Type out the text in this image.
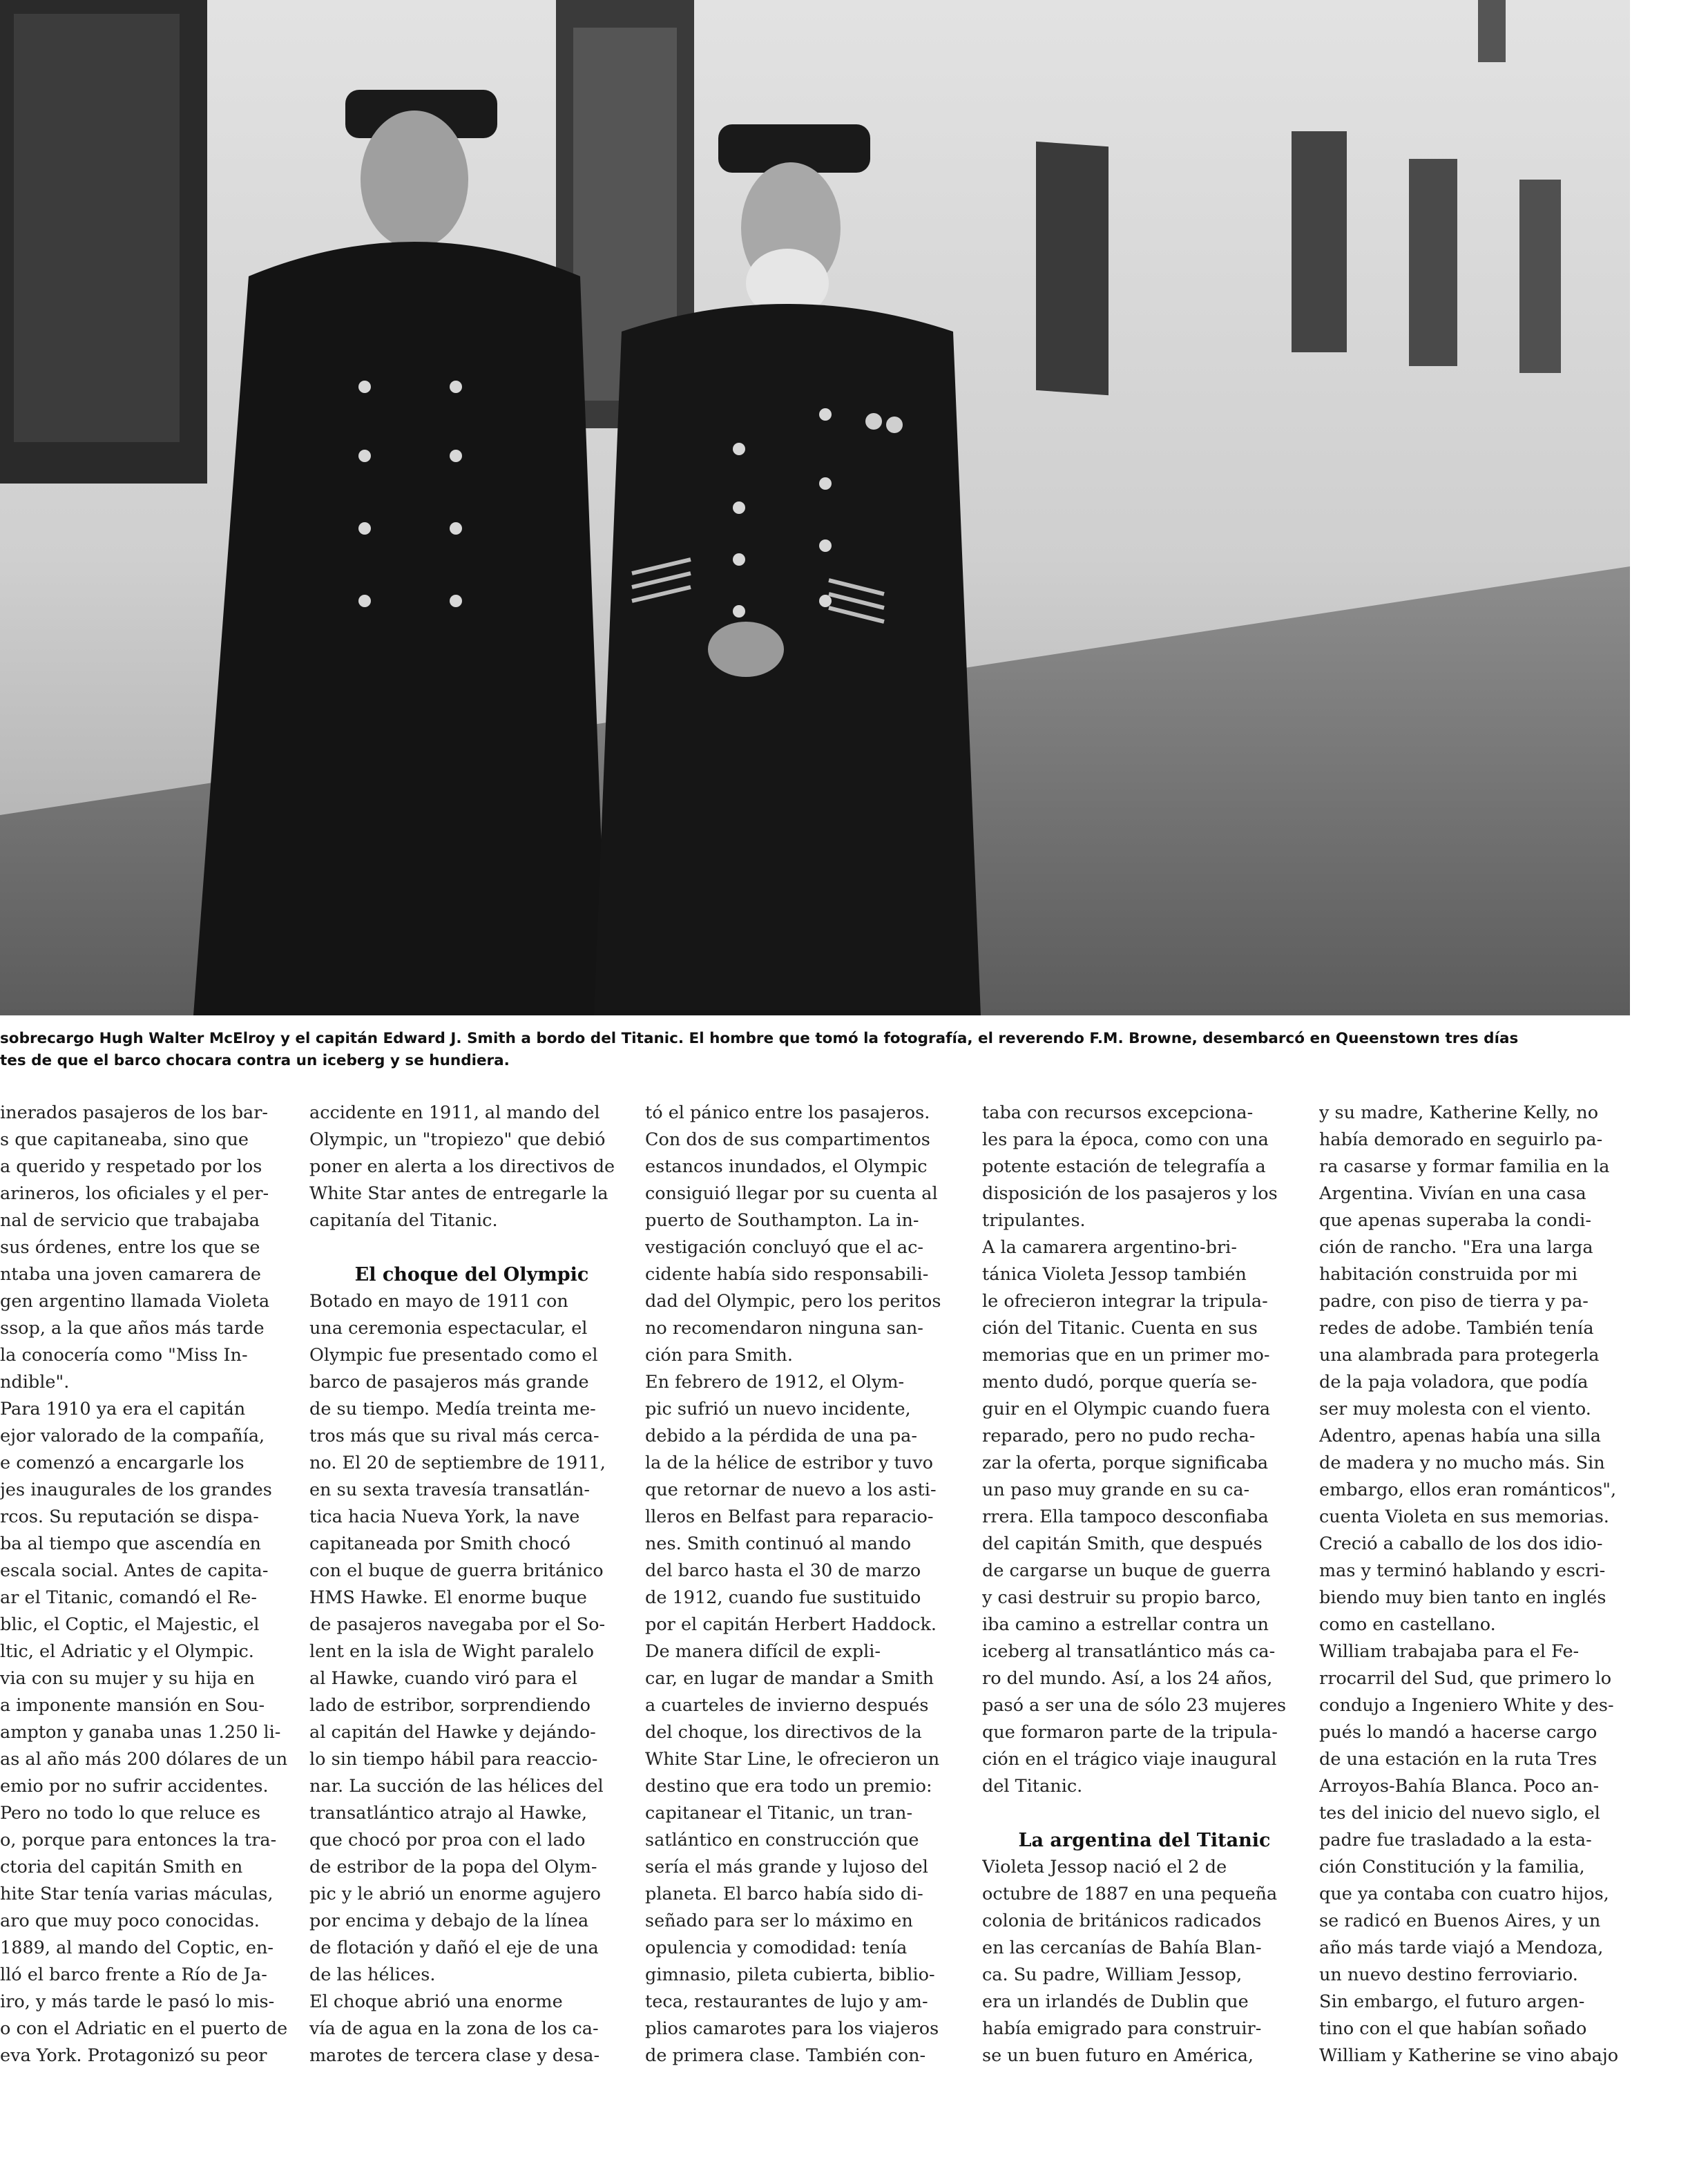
sobrecargo Hugh Walter McElroy y el capitán Edward J. Smith a bordo del Titanic. El hombre que tomó la fotografía, el reverendo F.M. Browne, desembarcó en Queenstown tres días
tes de que el barco chocara contra un iceberg y se hundiera.
inerados pasajeros de los bar-
s que capitaneaba, sino que
a querido y respetado por los
arineros, los oficiales y el per-
nal de servicio que trabajaba
sus órdenes, entre los que se
ntaba una joven camarera de
gen argentino llamada Violeta
ssop, a la que años más tarde
la conocería como "Miss In-
ndible".
Para 1910 ya era el capitán
ejor valorado de la compañía,
e comenzó a encargarle los
jes inaugurales de los grandes
rcos. Su reputación se dispa-
ba al tiempo que ascendía en
escala social. Antes de capita-
ar el Titanic, comandó el Re-
blic, el Coptic, el Majestic, el
ltic, el Adriatic y el Olympic.
via con su mujer y su hija en
a imponente mansión en Sou-
ampton y ganaba unas 1.250 li-
as al año más 200 dólares de un
emio por no sufrir accidentes.
Pero no todo lo que reluce es
o, porque para entonces la tra-
ctoria del capitán Smith en
hite Star tenía varias máculas,
aro que muy poco conocidas.
1889, al mando del Coptic, en-
lló el barco frente a Río de Ja-
iro, y más tarde le pasó lo mis-
o con el Adriatic en el puerto de
eva York. Protagonizó su peor
accidente en 1911, al mando del
Olympic, un "tropiezo" que debió
poner en alerta a los directivos de
White Star antes de entregarle la
capitanía del Titanic.
El choque del Olympic
Botado en mayo de 1911 con
una ceremonia espectacular, el
Olympic fue presentado como el
barco de pasajeros más grande
de su tiempo. Medía treinta me-
tros más que su rival más cerca-
no. El 20 de septiembre de 1911,
en su sexta travesía transatlán-
tica hacia Nueva York, la nave
capitaneada por Smith chocó
con el buque de guerra británico
HMS Hawke. El enorme buque
de pasajeros navegaba por el So-
lent en la isla de Wight paralelo
al Hawke, cuando viró para el
lado de estribor, sorprendiendo
al capitán del Hawke y dejándo-
lo sin tiempo hábil para reaccio-
nar. La succión de las hélices del
transatlántico atrajo al Hawke,
que chocó por proa con el lado
de estribor de la popa del Olym-
pic y le abrió un enorme agujero
por encima y debajo de la línea
de flotación y dañó el eje de una
de las hélices.
El choque abrió una enorme
vía de agua en la zona de los ca-
marotes de tercera clase y desa-
tó el pánico entre los pasajeros.
Con dos de sus compartimentos
estancos inundados, el Olympic
consiguió llegar por su cuenta al
puerto de Southampton. La in-
vestigación concluyó que el ac-
cidente había sido responsabili-
dad del Olympic, pero los peritos
no recomendaron ninguna san-
ción para Smith.
En febrero de 1912, el Olym-
pic sufrió un nuevo incidente,
debido a la pérdida de una pa-
la de la hélice de estribor y tuvo
que retornar de nuevo a los asti-
lleros en Belfast para reparacio-
nes. Smith continuó al mando
del barco hasta el 30 de marzo
de 1912, cuando fue sustituido
por el capitán Herbert Haddock.
De manera difícil de expli-
car, en lugar de mandar a Smith
a cuarteles de invierno después
del choque, los directivos de la
White Star Line, le ofrecieron un
destino que era todo un premio:
capitanear el Titanic, un tran-
satlántico en construcción que
sería el más grande y lujoso del
planeta. El barco había sido di-
señado para ser lo máximo en
opulencia y comodidad: tenía
gimnasio, pileta cubierta, biblio-
teca, restaurantes de lujo y am-
plios camarotes para los viajeros
de primera clase. También con-
taba con recursos excepciona-
les para la época, como con una
potente estación de telegrafía a
disposición de los pasajeros y los
tripulantes.
A la camarera argentino-bri-
tánica Violeta Jessop también
le ofrecieron integrar la tripula-
ción del Titanic. Cuenta en sus
memorias que en un primer mo-
mento dudó, porque quería se-
guir en el Olympic cuando fuera
reparado, pero no pudo recha-
zar la oferta, porque significaba
un paso muy grande en su ca-
rrera. Ella tampoco desconfiaba
del capitán Smith, que después
de cargarse un buque de guerra
y casi destruir su propio barco,
iba camino a estrellar contra un
iceberg al transatlántico más ca-
ro del mundo. Así, a los 24 años,
pasó a ser una de sólo 23 mujeres
que formaron parte de la tripula-
ción en el trágico viaje inaugural
del Titanic.
La argentina del Titanic
Violeta Jessop nació el 2 de
octubre de 1887 en una pequeña
colonia de británicos radicados
en las cercanías de Bahía Blan-
ca. Su padre, William Jessop,
era un irlandés de Dublin que
había emigrado para construir-
se un buen futuro en América,
y su madre, Katherine Kelly, no
había demorado en seguirlo pa-
ra casarse y formar familia en la
Argentina. Vivían en una casa
que apenas superaba la condi-
ción de rancho. "Era una larga
habitación construida por mi
padre, con piso de tierra y pa-
redes de adobe. También tenía
una alambrada para protegerla
de la paja voladora, que podía
ser muy molesta con el viento.
Adentro, apenas había una silla
de madera y no mucho más. Sin
embargo, ellos eran románticos",
cuenta Violeta en sus memorias.
Creció a caballo de los dos idio-
mas y terminó hablando y escri-
biendo muy bien tanto en inglés
como en castellano.
William trabajaba para el Fe-
rrocarril del Sud, que primero lo
condujo a Ingeniero White y des-
pués lo mandó a hacerse cargo
de una estación en la ruta Tres
Arroyos-Bahía Blanca. Poco an-
tes del inicio del nuevo siglo, el
padre fue trasladado a la esta-
ción Constitución y la familia,
que ya contaba con cuatro hijos,
se radicó en Buenos Aires, y un
año más tarde viajó a Mendoza,
un nuevo destino ferroviario.
Sin embargo, el futuro argen-
tino con el que habían soñado
William y Katherine se vino abajo
